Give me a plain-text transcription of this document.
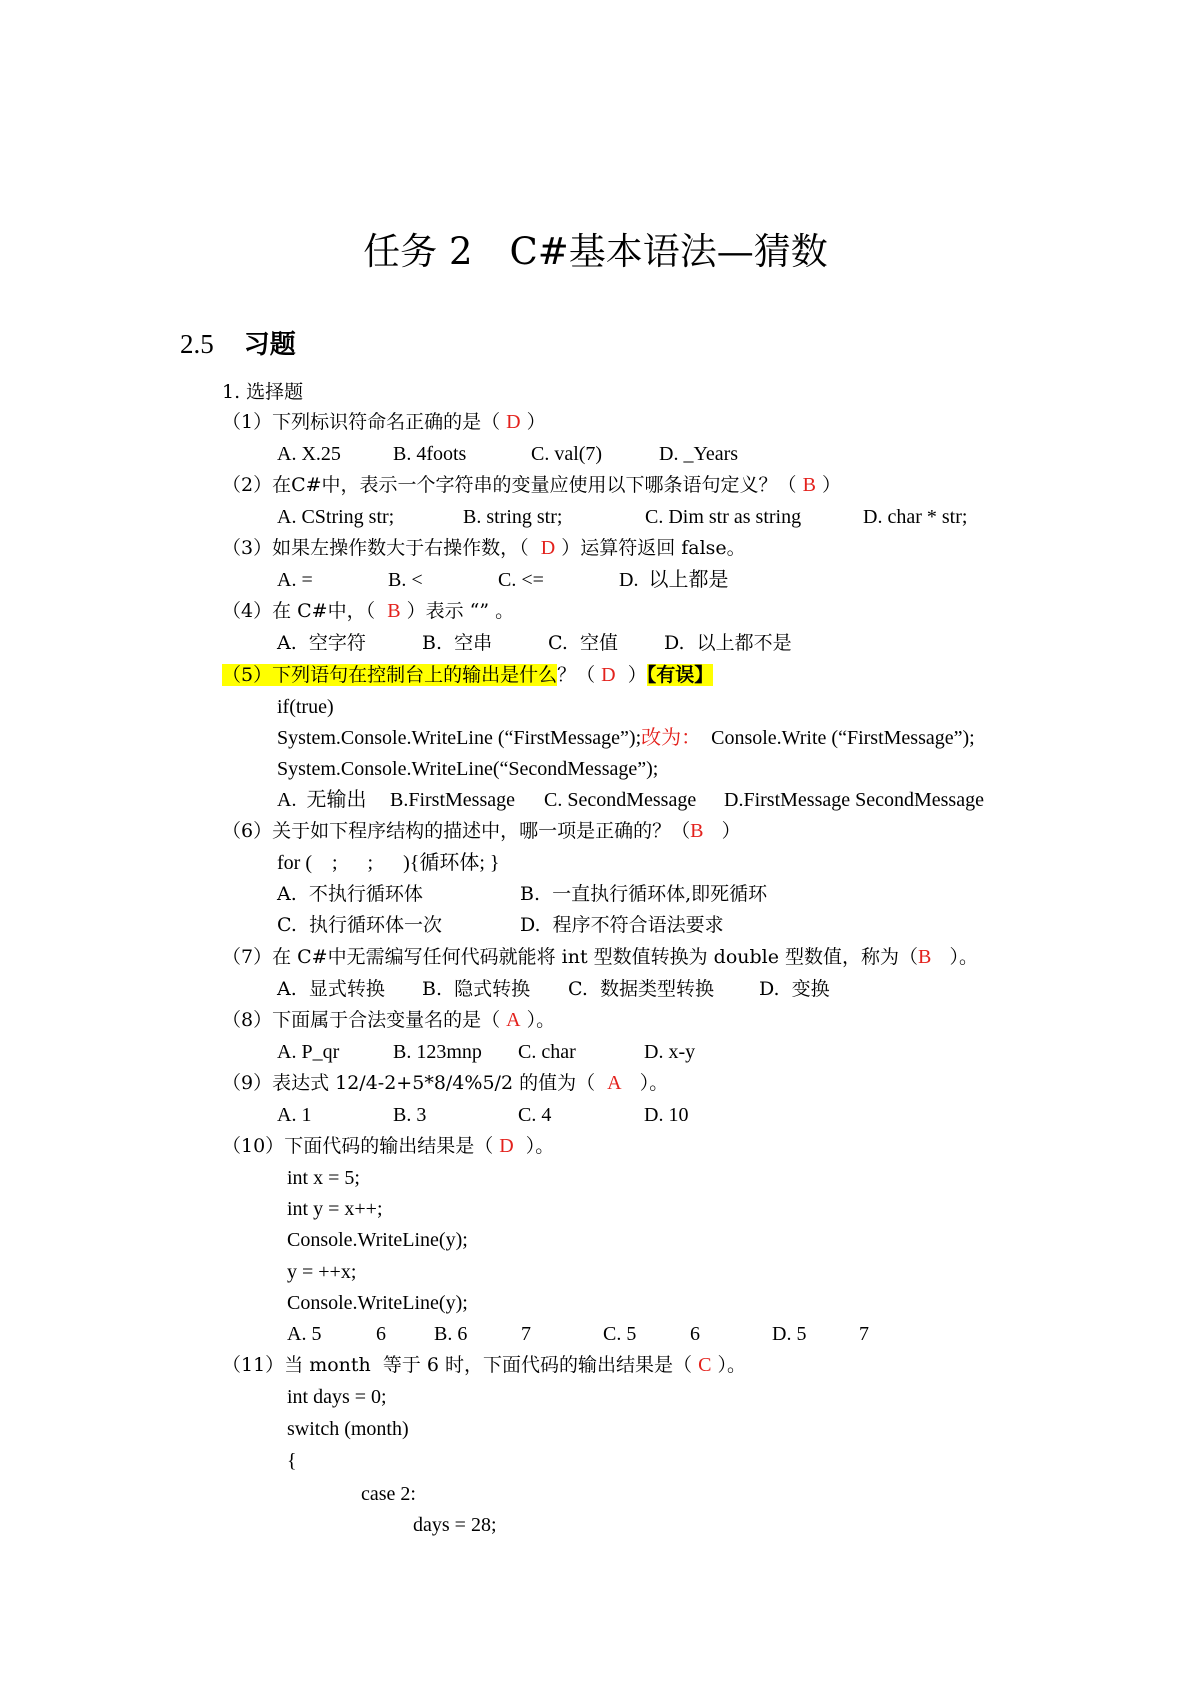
任务 2　C#基本语法—猜数
2.5 习题
1. 选择题
（1）下列标识符命名正确的是（ D ）

A. X.25

	B. 4foots

	C. val(7)

	D. _Years

（2）在C#中，表示一个字符串的变量应使用以下哪条语句定义？（ B ）

A. CString str;

	B. string str;

	C. Dim str as string

	D. char * str;

（3）如果左操作数大于右操作数，（ D ）运算符返回 false。

A. =

	B. <

	C. <=

	D.  以上都是

（4）在 C#中，（ B ）表示 “” 。

A.  空字符

	B.  空串

	C.  空值

D.  以上都不是

（5）下列语句在控制台上的输出是什么？（ D ）【有误】
if(true)
System.Console.WriteLine (“FirstMessage”);改为： Console.Write (“FirstMessage”);
System.Console.WriteLine(“SecondMessage”);

A.  无输出

B.FirstMessage

C. SecondMessage

D.FirstMessage SecondMessage

（6）关于如下程序结构的描述中，哪一项是正确的？（B ）
for (    ;      ;      ){循环体; }

A.  不执行循环体

	B.  一直执行循环体,即死循环

C.  执行循环体一次

	D.  程序不符合语法要求

（7）在 C#中无需编写任何代码就能将 int 型数值转换为 double 型数值，称为（B ）。

A.  显式转换

B.  隐式转换

C.  数据类型转换

D.  变换

（8）下面属于合法变量名的是（ A ）。

A. P_qr

	B. 123mnp

C. char

	D. x-y

（9）表达式 12/4-2+5*8/4%5/2 的值为（ A ）。

A. 1

	B. 3

	C. 4

	D. 10

（10）下面代码的输出结果是（ D ）。
int x = 5;
int y = x++;
Console.WriteLine(y);
y = ++x;
Console.WriteLine(y);

A. 5

	6

B. 6

	7

	C. 5

	6

	D. 5

	7

（11）当 month  等于 6 时，下面代码的输出结果是（ C ）。
int days = 0;
switch (month)
{
case 2:
days = 28;
